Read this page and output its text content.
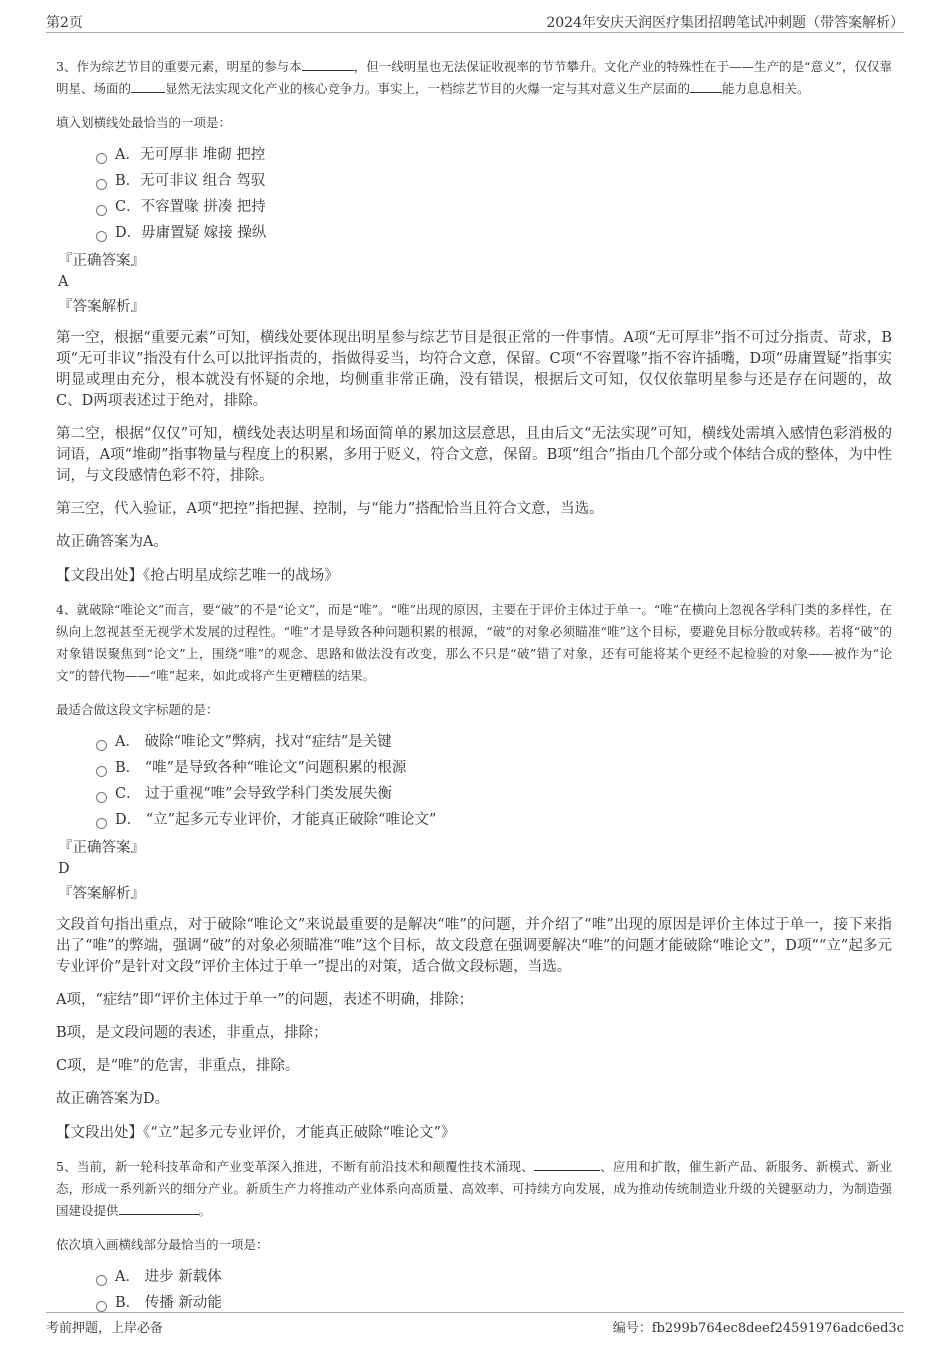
第2页	2024年安庆天润医疗集团招聘笔试冲刺题（带答案解析）

3、作为综艺节目的重要元素，明星的参与本	，但一线明星也无法保证收视率的节节攀升。文化产业的特殊性在于——生产的是“意义”，仅仅靠明星、场面的	显然无法实现文化产业的核心竞争力。事实上，一档综艺节目的火爆一定与其对意义生产层面的	能力息息相关。

填入划横线处最恰当的一项是：

A．无可厚非 堆砌 把控
B．无可非议 组合 驾驭
C．不容置喙 拼凑 把持
D．毋庸置疑 嫁接 操纵
『正确答案』
A
『答案解析』

第一空，根据“重要元素”可知，横线处要体现出明星参与综艺节目是很正常的一件事情。A项“无可厚非”指不可过分指责、苛求，B项“无可非议”指没有什么可以批评指责的，指做得妥当，均符合文意，保留。C项“不容置喙”指不容许插嘴，D项“毋庸置疑”指事实明显或理由充分，根本就没有怀疑的余地，均侧重非常正确，没有错误，根据后文可知，仅仅依靠明星参与还是存在问题的，故C、D两项表述过于绝对，排除。

第二空，根据“仅仅”可知，横线处表达明星和场面简单的累加这层意思，且由后文“无法实现”可知，横线处需填入感情色彩消极的词语，A项“堆砌”指事物量与程度上的积累，多用于贬义，符合文意，保留。B项“组合”指由几个部分或个体结合成的整体，为中性词，与文段感情色彩不符，排除。

第三空，代入验证，A项“把控”指把握、控制，与“能力”搭配恰当且符合文意，当选。

故正确答案为A。

【文段出处】《抢占明星成综艺唯一的战场》

4、就破除“唯论文”而言，要“破”的不是“论文”，而是“唯”。“唯”出现的原因，主要在于评价主体过于单一。“唯”在横向上忽视各学科门类的多样性，在纵向上忽视甚至无视学术发展的过程性。“唯”才是导致各种问题积累的根源，“破”的对象必须瞄准“唯”这个目标，要避免目标分散或转移。若将“破”的对象错误聚焦到“论文”上，围绕“唯”的观念、思路和做法没有改变，那么不只是“破”错了对象，还有可能将某个更经不起检验的对象——被作为“论文”的替代物——“唯”起来，如此或将产生更糟糕的结果。

最适合做这段文字标题的是：

A． 破除“唯论文”弊病，找对“症结”是关键
B． “唯”是导致各种“唯论文”问题积累的根源
C． 过于重视“唯”会导致学科门类发展失衡
D． “立”起多元专业评价，才能真正破除“唯论文”
『正确答案』
D
『答案解析』

文段首句指出重点，对于破除“唯论文”来说最重要的是解决“唯”的问题，并介绍了“唯”出现的原因是评价主体过于单一，接下来指出了“唯”的弊端，强调“破”的对象必须瞄准“唯”这个目标，故文段意在强调要解决“唯”的问题才能破除“唯论文”，D项““立”起多元专业评价”是针对文段“评价主体过于单一”提出的对策，适合做文段标题，当选。

A项，“症结”即“评价主体过于单一”的问题，表述不明确，排除；

B项，是文段问题的表述，非重点，排除；

C项，是“唯”的危害，非重点，排除。

故正确答案为D。

【文段出处】《“立”起多元专业评价，才能真正破除“唯论文”》

5、当前，新一轮科技革命和产业变革深入推进，不断有前沿技术和颠覆性技术涌现、	、应用和扩散，催生新产品、新服务、新模式、新业态，形成一系列新兴的细分产业。新质生产力将推动产业体系向高质量、高效率、可持续方向发展，成为推动传统制造业升级的关键驱动力，为制造强国建设提供	。

依次填入画横线部分最恰当的一项是：

A． 进步 新载体
B． 传播 新动能
考前押题，上岸必备	编号：fb299b764ec8deef24591976adc6ed3c
